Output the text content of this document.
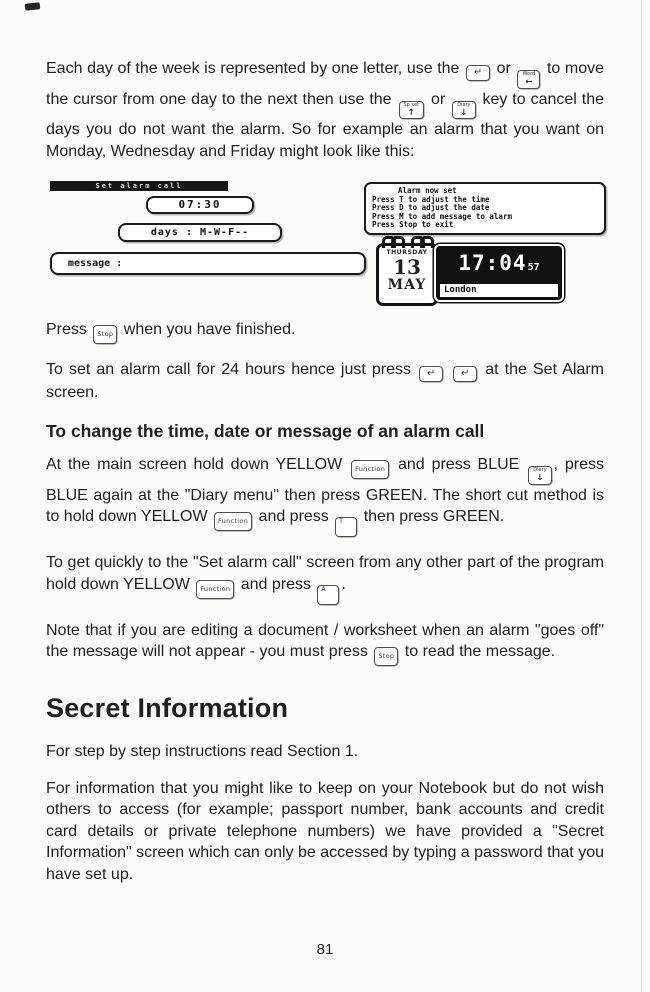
Each day of the week is represented by one letter, use the ↵ or Word
←
to move the cursor from one day to the next then use the Sp set
↑
or Diary
↓
key to cancel the days you do not want the alarm. So for example an alarm that you want on Monday, Wednesday and Friday might look like this:

Set alarm call
07:30
days : M-W-F--
message :
Alarm now set
Press T to adjust the time
Press D to adjust the date
Press M to add message to alarm
Press Stop to exit
THURSDAY
13
MAY
17:0457
London

Press Stop when you have finished.

To set an alarm call for 24 hours hence just press ↵	↵ at the Set Alarm screen.

To change the time, date or message of an alarm call

At the main screen hold down YELLOW Function and press BLUE Diary
↓
, press BLUE again at the "Diary menu" then press GREEN. The short cut method is to hold down YELLOW Function and press T then press GREEN.

To get quickly to the "Set alarm call" screen from any other part of the program hold down YELLOW Function and press A .

Note that if you are editing a document / worksheet when an alarm "goes off" the message will not appear - you must press Stop to read the message.

Secret Information

For step by step instructions read Section 1.

For information that you might like to keep on your Notebook but do not wish others to access (for example; passport number, bank accounts and credit card details or private telephone numbers) we have provided a "Secret Information" screen which can only be accessed by typing a password that you have set up.

81
